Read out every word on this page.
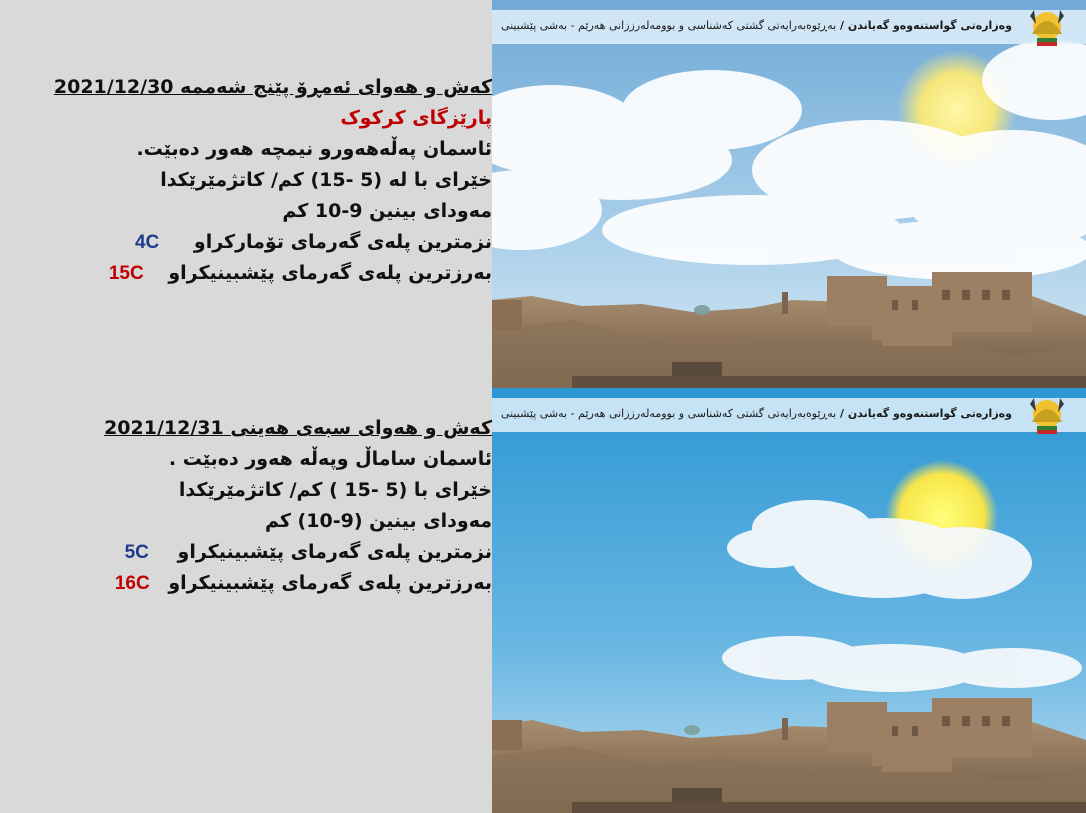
کەش و هەوای ئەمڕۆ پێنج شەممە 2021/12/30
پارێزگای کرکوک
ئاسمان پەڵەهەورو نیمچە هەور دەبێت.
خێرای با لە (5 -15) کم/ کاتژمێرێکدا
مەودای بینین 9-10 کم
نزمترین پلەی گەرمای تۆمارکراو 4C
بەرزترین پلەی گەرمای پێشبینیکراو 15C
کەش و هەوای سبەی هەینی 2021/12/31
ئاسمان ساماڵ وپەڵە هەور دەبێت .
خێرای با (5 -15 ) کم/ کاتژمێرێکدا
مەودای بینین (9-10) کم
نزمترین پلەی گەرمای پێشبینیکراو 5C
بەرزترین پلەی گەرمای پێشبینیکراو 16C
وەزارەتی گواستنەوەو گەیاندن / بەڕێوەبەرایەتی گشتی کەشناسی و بوومەلەرززانی هەرێم - بەشی پێشبینی
وەزارەتی گواستنەوەو گەیاندن / بەڕێوەبەرایەتی گشتی کەشناسی و بوومەلەرززانی هەرێم - بەشی پێشبینی
